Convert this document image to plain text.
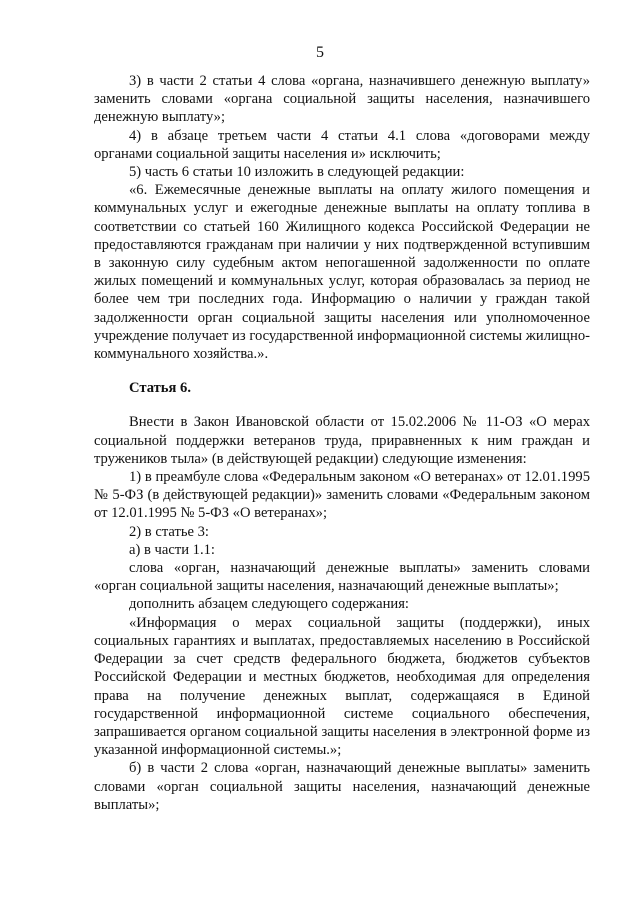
5

3) в части 2 статьи 4 слова «органа, назначившего денежную выплату» заменить словами «органа социальной защиты населения, назначившего денежную выплату»;

4) в абзаце третьем части 4 статьи 4.1 слова «договорами между органами социальной защиты населения и» исключить;

5) часть 6 статьи 10 изложить в следующей редакции:

«6. Ежемесячные денежные выплаты на оплату жилого помещения и коммунальных услуг и ежегодные денежные выплаты на оплату топлива в соответствии со статьей 160 Жилищного кодекса Российской Федерации не предоставляются гражданам при наличии у них подтвержденной вступившим в законную силу судебным актом непогашенной задолженности по оплате жилых помещений и коммунальных услуг, которая образовалась за период не более чем три последних года. Информацию о наличии у граждан такой задолженности орган социальной защиты населения или уполномоченное учреждение получает из государственной информационной системы жилищно-коммунального хозяйства.».

Статья 6.

Внести в Закон Ивановской области от 15.02.2006 № 11-ОЗ «О мерах социальной поддержки ветеранов труда, приравненных к ним граждан и тружеников тыла» (в действующей редакции) следующие изменения:

1) в преамбуле слова «Федеральным законом «О ветеранах» от 12.01.1995 № 5-ФЗ (в действующей редакции)» заменить словами «Федеральным законом от 12.01.1995 № 5-ФЗ «О ветеранах»;

2) в статье 3:

а) в части 1.1:

слова «орган, назначающий денежные выплаты» заменить словами «орган социальной защиты населения, назначающий денежные выплаты»;

дополнить абзацем следующего содержания:

«Информация о мерах социальной защиты (поддержки), иных социальных гарантиях и выплатах, предоставляемых населению в Российской Федерации за счет средств федерального бюджета, бюджетов субъектов Российской Федерации и местных бюджетов, необходимая для определения права на получение денежных выплат, содержащаяся в Единой государственной информационной системе социального обеспечения, запрашивается органом социальной защиты населения в электронной форме из указанной информационной системы.»;

б) в части 2 слова «орган, назначающий денежные выплаты» заменить словами «орган социальной защиты населения, назначающий денежные выплаты»;
